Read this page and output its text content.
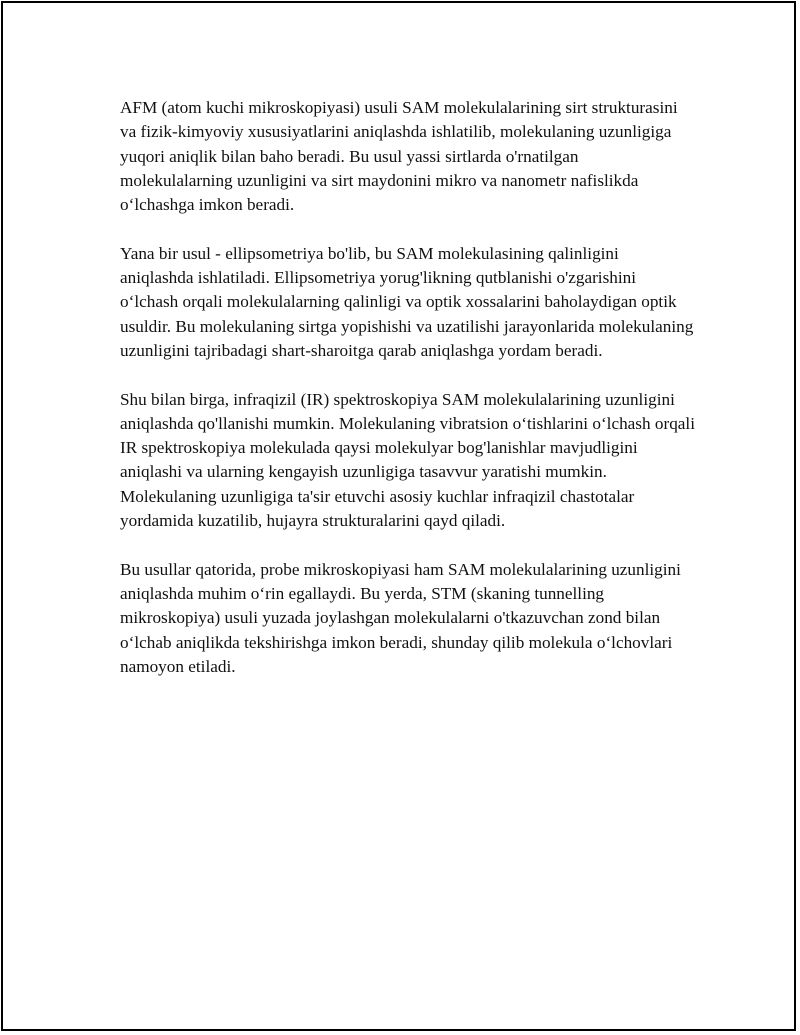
AFM (atom kuchi mikroskopiyasi) usuli SAM molekulalarining sirt strukturasini va fizik-kimyoviy xususiyatlarini aniqlashda ishlatilib, molekulaning uzunligiga yuqori aniqlik bilan baho beradi. Bu usul yassi sirtlarda o'rnatilgan molekulalarning uzunligini va sirt maydonini mikro va nanometr nafislikda o‘lchashga imkon beradi.

Yana bir usul - ellipsometriya bo'lib, bu SAM molekulasining qalinligini aniqlashda ishlatiladi. Ellipsometriya yorug'likning qutblanishi o'zgarishini o‘lchash orqali molekulalarning qalinligi va optik xossalarini baholaydigan optik usuldir. Bu molekulaning sirtga yopishishi va uzatilishi jarayonlarida molekulaning uzunligini tajribadagi shart-sharoitga qarab aniqlashga yordam beradi.

Shu bilan birga, infraqizil (IR) spektroskopiya SAM molekulalarining uzunligini aniqlashda qo'llanishi mumkin. Molekulaning vibratsion o‘tishlarini o‘lchash orqali IR spektroskopiya molekulada qaysi molekulyar bog'lanishlar mavjudligini aniqlashi va ularning kengayish uzunligiga tasavvur yaratishi mumkin. Molekulaning uzunligiga ta'sir etuvchi asosiy kuchlar infraqizil chastotalar yordamida kuzatilib, hujayra strukturalarini qayd qiladi.

Bu usullar qatorida, probe mikroskopiyasi ham SAM molekulalarining uzunligini aniqlashda muhim o‘rin egallaydi. Bu yerda, STM (skaning tunnelling mikroskopiya) usuli yuzada joylashgan molekulalarni o'tkazuvchan zond bilan o‘lchab aniqlikda tekshirishga imkon beradi, shunday qilib molekula o‘lchovlari namoyon etiladi.
